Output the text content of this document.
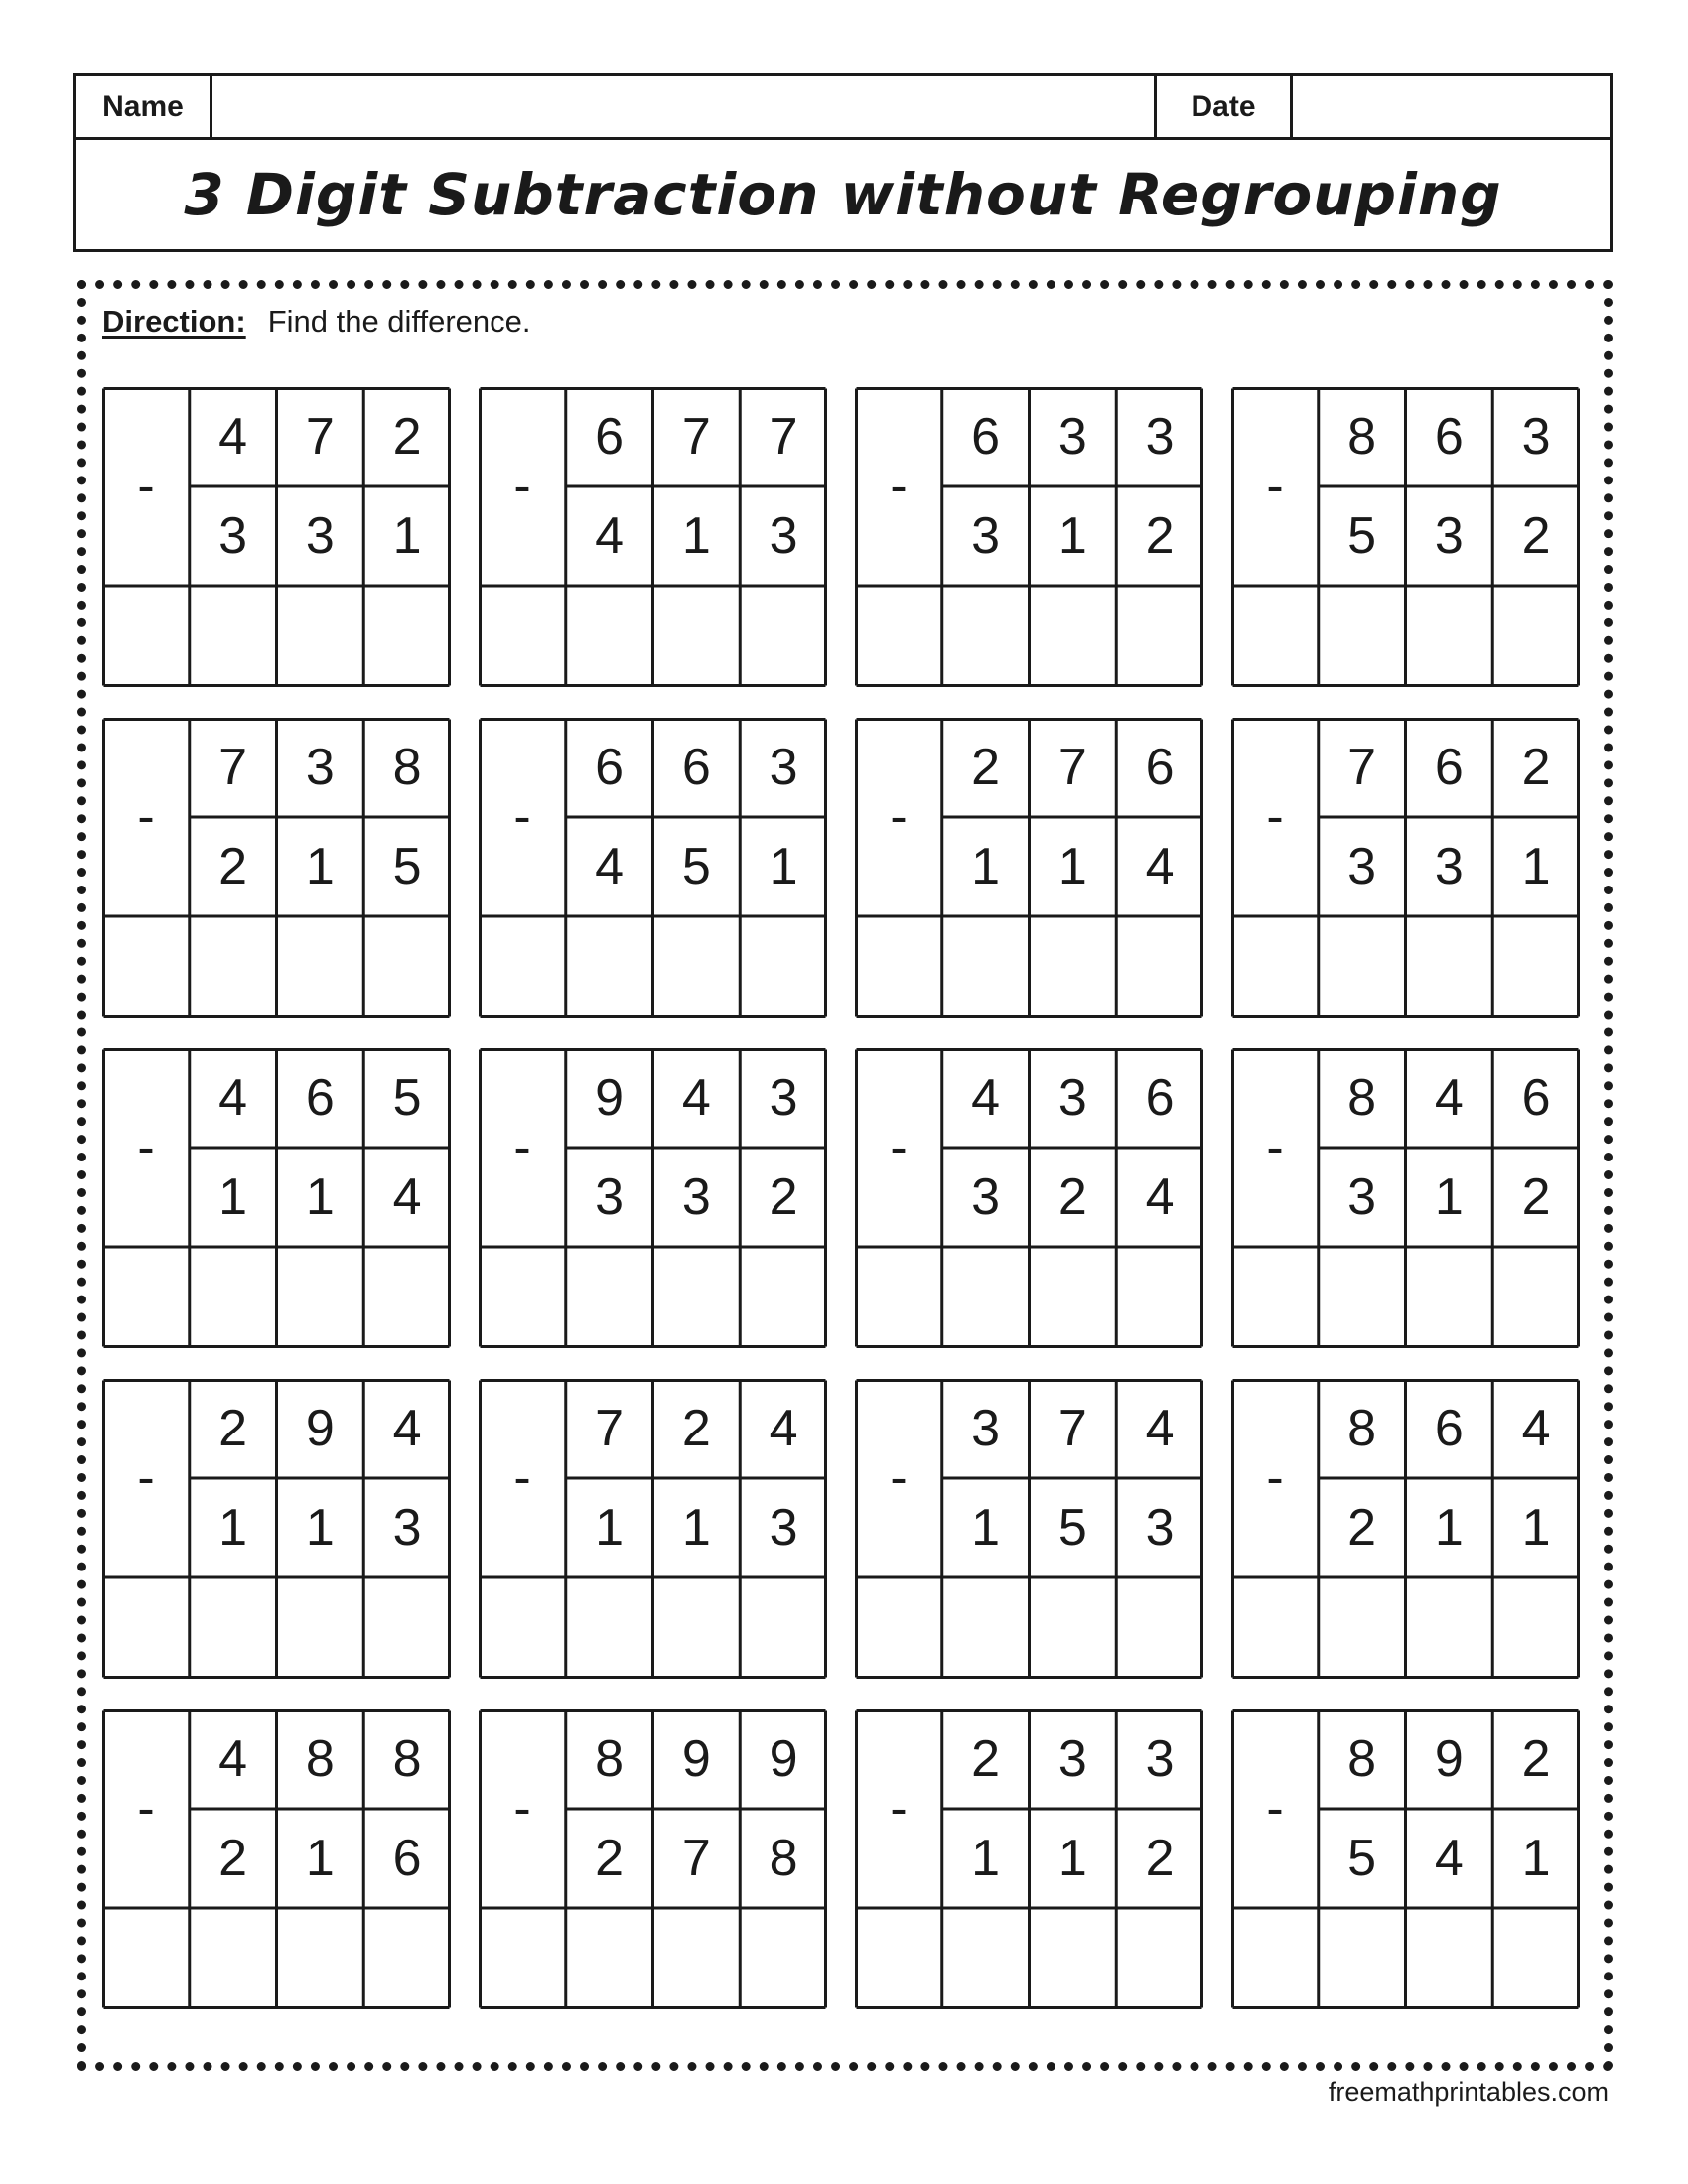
Name	Date
3 Digit Subtraction without Regrouping
Direction: Find the difference.
-
4	7	2
3	3	1
-
6	7	7
4	1	3
-
6	3	3
3	1	2
-
8	6	3
5	3	2
-
7	3	8
2	1	5
-
6	6	3
4	5	1
-
2	7	6
1	1	4
-
7	6	2
3	3	1
-
4	6	5
1	1	4
-
9	4	3
3	3	2
-
4	3	6
3	2	4
-
8	4	6
3	1	2
-
2	9	4
1	1	3
-
7	2	4
1	1	3
-
3	7	4
1	5	3
-
8	6	4
2	1	1
-
4	8	8
2	1	6
-
8	9	9
2	7	8
-
2	3	3
1	1	2
-
8	9	2
5	4	1
freemathprintables.com
